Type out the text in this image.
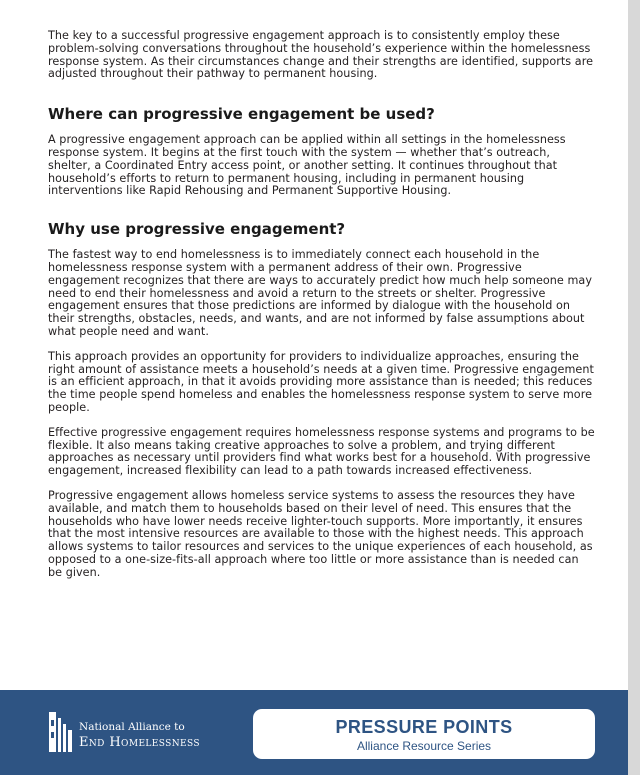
The key to a successful progressive engagement approach is to consistently employ these problem-solving conversations throughout the household’s experience within the homelessness response system. As their circumstances change and their strengths are identified, supports are adjusted throughout their pathway to permanent housing.

Where can progressive engagement be used?

A progressive engagement approach can be applied within all settings in the homelessness response system. It begins at the first touch with the system — whether that’s outreach, shelter, a Coordinated Entry access point, or another setting. It continues throughout that household’s efforts to return to permanent housing, including in permanent housing interventions like Rapid Rehousing and Permanent Supportive Housing.

Why use progressive engagement?

The fastest way to end homelessness is to immediately connect each household in the homelessness response system with a permanent address of their own. Progressive engagement recognizes that there are ways to accurately predict how much help someone may need to end their homelessness and avoid a return to the streets or shelter. Progressive engagement ensures that those predictions are informed by dialogue with the household on their strengths, obstacles, needs, and wants, and are not informed by false assumptions about what people need and want.

This approach provides an opportunity for providers to individualize approaches, ensuring the right amount of assistance meets a household’s needs at a given time. Progressive engagement is an efficient approach, in that it avoids providing more assistance than is needed; this reduces the time people spend homeless and enables the homelessness response system to serve more people.

Effective progressive engagement requires homelessness response systems and programs to be flexible. It also means taking creative approaches to solve a problem, and trying different approaches as necessary until providers find what works best for a household. With progressive engagement, increased flexibility can lead to a path towards increased effectiveness.

Progressive engagement allows homeless service systems to assess the resources they have available, and match them to households based on their level of need. This ensures that the households who have lower needs receive lighter-touch supports. More importantly, it ensures that the most intensive resources are available to those with the highest needs. This approach allows systems to tailor resources and services to the unique experiences of each household, as opposed to a one-size-fits-all approach where too little or more assistance than is needed can be given.

National Alliance to
End Homelessness
PRESSURE POINTS
Alliance Resource Series
